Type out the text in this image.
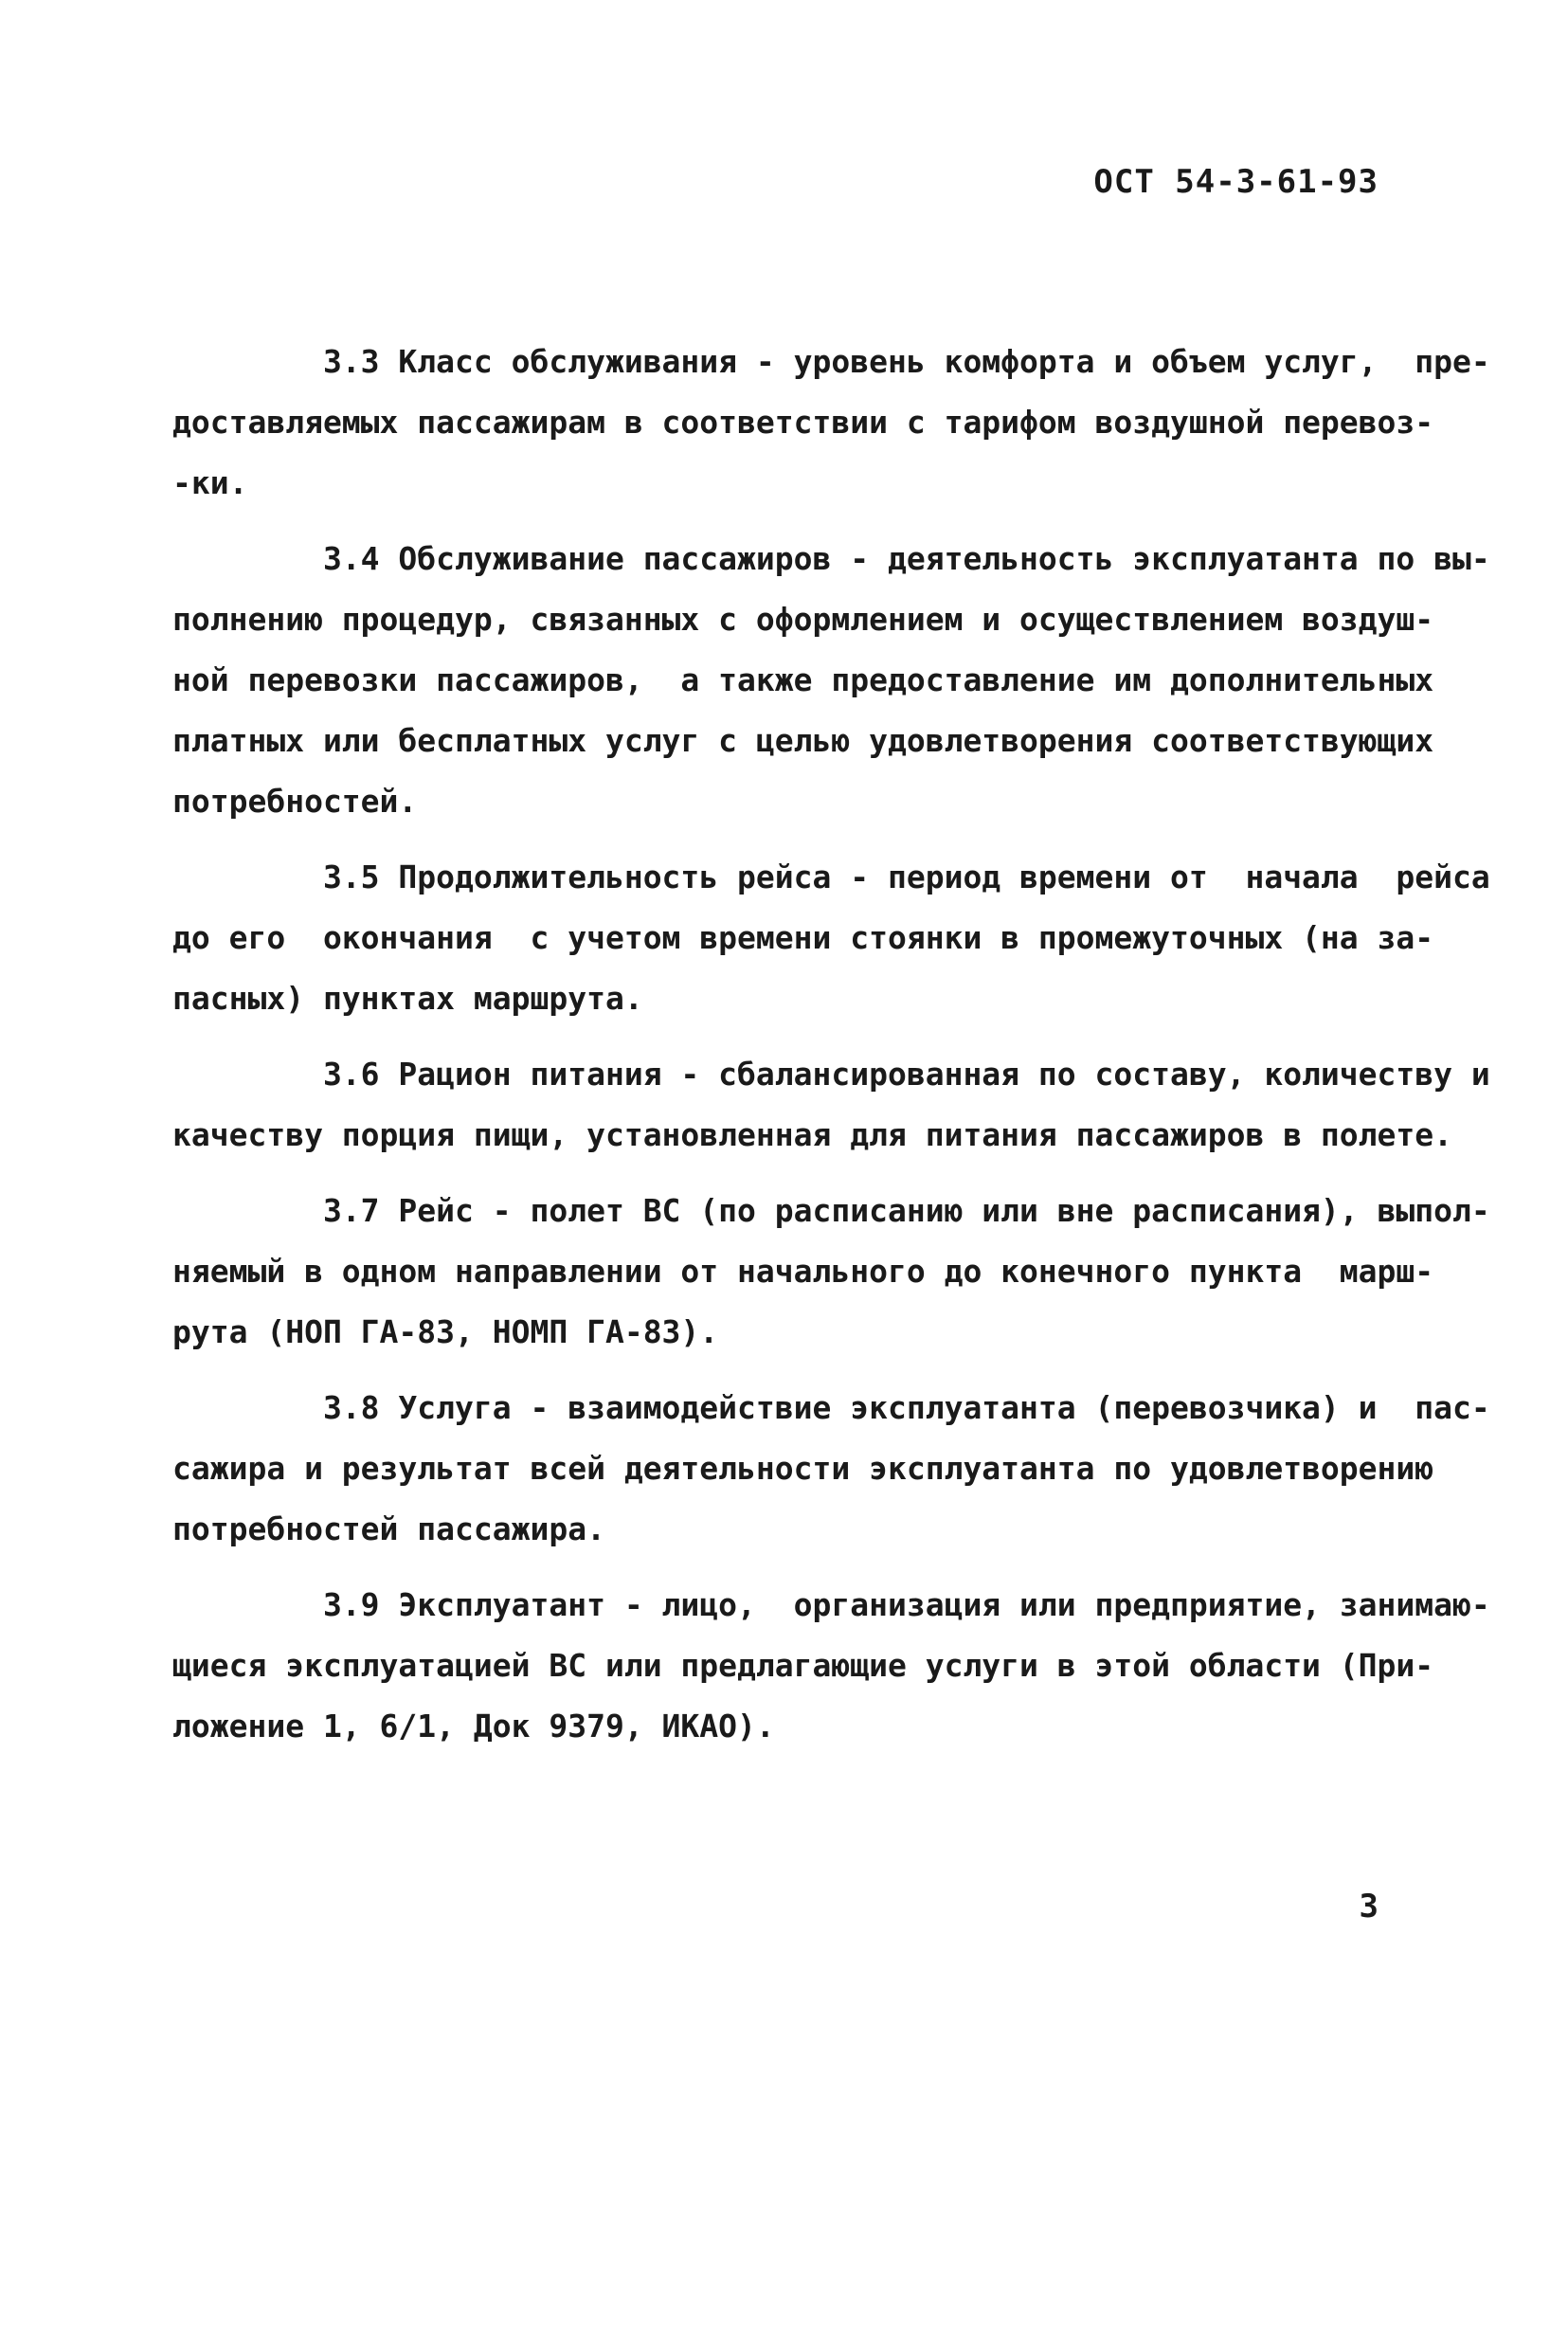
ОСТ 54-3-61-93

3.3 Класс обслуживания - уровень комфорта и объем услуг,  пре-
доставляемых пассажирам в соответствии с тарифом воздушной перевоз-
-ки.

3.4 Обслуживание пассажиров - деятельность эксплуатанта по вы-
полнению процедур, связанных с оформлением и осуществлением воздуш-
ной перевозки пассажиров,  а также предоставление им дополнительных
платных или бесплатных услуг с целью удовлетворения соответствующих
потребностей.

3.5 Продолжительность рейса - период времени от  начала  рейса
до его  окончания  с учетом времени стоянки в промежуточных (на за-
пасных) пунктах маршрута.

3.6 Рацион питания - сбалансированная по составу, количеству и
качеству порция пищи, установленная для питания пассажиров в полете.

3.7 Рейс - полет ВС (по расписанию или вне расписания), выпол-
няемый в одном направлении от начального до конечного пункта  марш-
рута (НОП ГА-83, НОМП ГА-83).

3.8 Услуга - взаимодействие эксплуатанта (перевозчика) и  пас-
сажира и результат всей деятельности эксплуатанта по удовлетворению
потребностей пассажира.

3.9 Эксплуатант - лицо,  организация или предприятие, занимаю-
щиеся эксплуатацией ВС или предлагающие услуги в этой области (При-
ложение 1, 6/1, Док 9379, ИКАО).

3
